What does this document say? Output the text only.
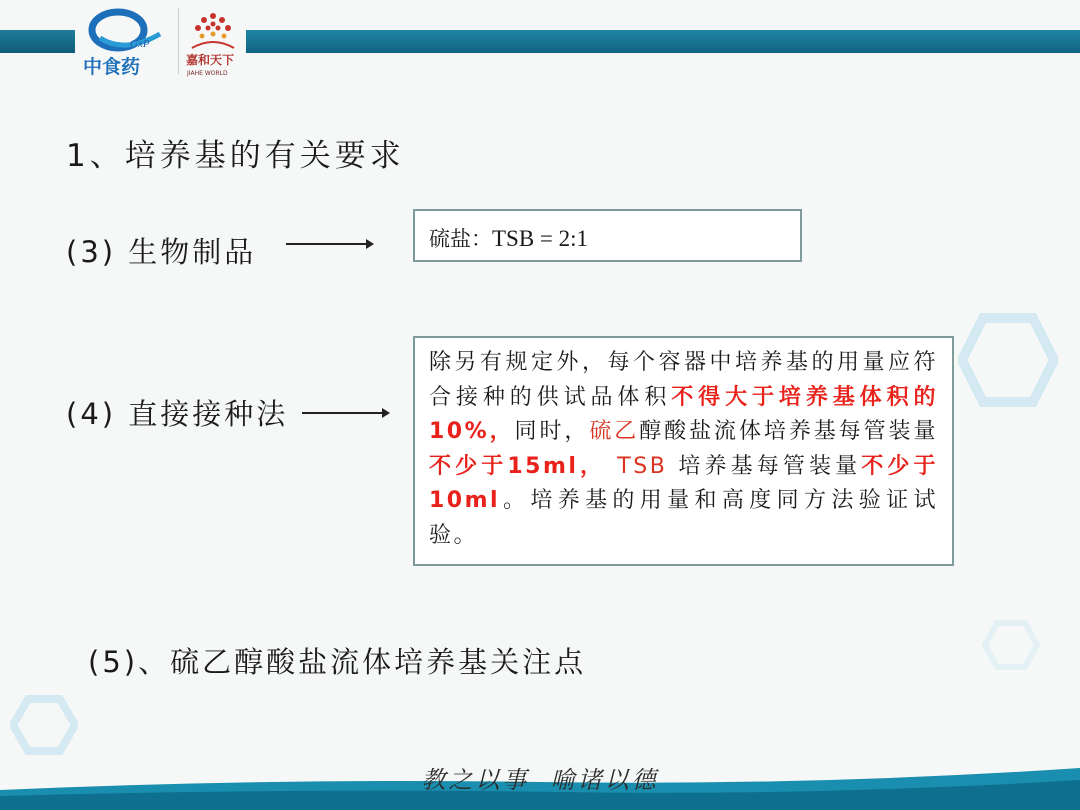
GxP
中食药	嘉和天下
JIAHE WORLD
1、培养基的有关要求
(3) 生物制品	硫盐：TSB = 2:1
(4) 直接接种法
除另有规定外，每个容器中培养基的用量应符合接种的供试品体积不得大于培养基体积的10%，同时，硫乙醇酸盐流体培养基每管装量不少于15ml， TSB 培养基每管装量不少于10ml。培养基的用量和高度同方法验证试验。
(5)、硫乙醇酸盐流体培养基关注点
教之以事  喻诸以德
